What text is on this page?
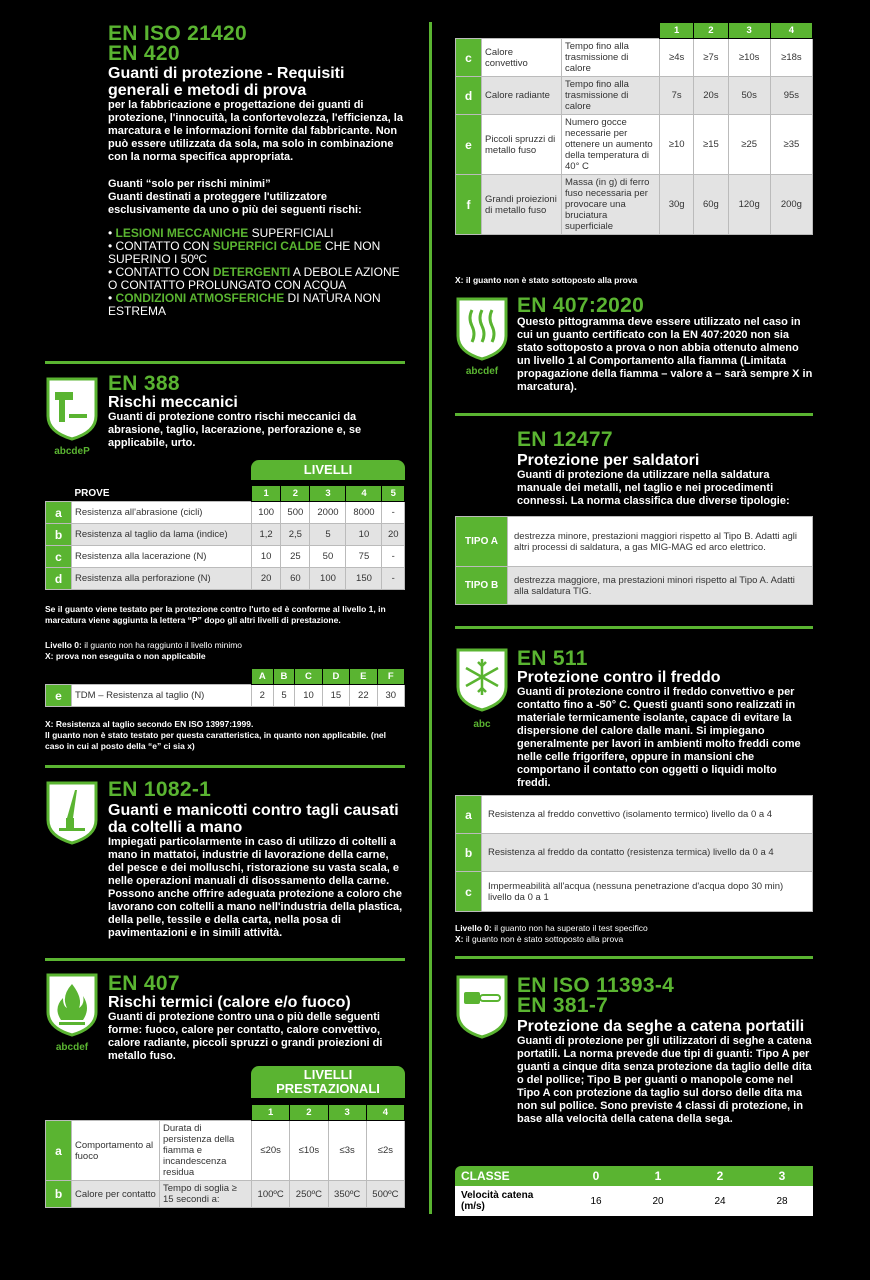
EN ISO 21420
EN 420
Guanti di protezione - Requisiti generali e metodi di prova
per la fabbricazione e progettazione dei guanti di protezione, l'innocuità, la confortevolezza, l'efficienza, la marcatura e le informazioni fornite dal fabbricante. Non può essere utilizzata da sola, ma solo in combinazione con la norma specifica appropriata.
Guanti “solo per rischi minimi”
Guanti destinati a proteggere l'utilizzatore esclusivamente da uno o più dei seguenti rischi:
• LESIONI MECCANICHE SUPERFICIALI
• CONTATTO CON SUPERFICI CALDE CHE NON SUPERINO I 50ºC
• CONTATTO CON DETERGENTI A DEBOLE AZIONE O CONTATTO PROLUNGATO CON ACQUA
• CONDIZIONI ATMOSFERICHE DI NATURA NON ESTREMA
abcdeP
EN 388
Rischi meccanici
Guanti di protezione contro rischi meccanici da abrasione, taglio, lacerazione, perforazione e, se applicabile, urto.
LIVELLI
	PROVE	1	2	3	4	5
a	Resistenza all'abrasione (cicli)	100	500	2000	8000	-
b	Resistenza al taglio da lama (indice)	1,2	2,5	5	10	20
c	Resistenza alla lacerazione (N)	10	25	50	75	-
d	Resistenza alla perforazione (N)	20	60	100	150	-
Se il guanto viene testato per la protezione contro l'urto ed è conforme al livello 1, in marcatura viene aggiunta la lettera “P” dopo gli altri livelli di prestazione.
Livello 0: il guanto non ha raggiunto il livello minimo
X: prova non eseguita o non applicabile
		A	B	C	D	E	F
e	TDM – Resistenza al taglio (N)	2	5	10	15	22	30
X: Resistenza al taglio secondo EN ISO 13997:1999.
Il guanto non è stato testato per questa caratteristica, in quanto non applicabile. (nel caso in cui al posto della “e” ci sia x)
EN 1082-1
Guanti e manicotti contro tagli causati da coltelli a mano
Impiegati particolarmente in caso di utilizzo di coltelli a mano in mattatoi, industrie di lavorazione della carne, del pesce e dei molluschi, ristorazione su vasta scala, e nelle operazioni manuali di disossamento della carne. Possono anche offrire adeguata protezione a coloro che lavorano con coltelli a mano nell'industria della plastica, della pelle, tessile e della carta, nella posa di pavimentazioni e in simili attività.
abcdef
EN 407
Rischi termici (calore e/o fuoco)
Guanti di protezione contro una o più delle seguenti forme: fuoco, calore per contatto, calore convettivo, calore radiante, piccoli spruzzi o grandi proiezioni di metallo fuso.
LIVELLI PRESTAZIONALI
			1	2	3	4
a	Comportamento al fuoco	Durata di persistenza della fiamma e incandescenza residua	≤20s	≤10s	≤3s	≤2s
b	Calore per contatto	Tempo di soglia ≥ 15 secondi a:	100ºC	250ºC	350ºC	500ºC
			1	2	3	4
c	Calore convettivo	Tempo fino alla trasmissione di calore	≥4s	≥7s	≥10s	≥18s
d	Calore radiante	Tempo fino alla trasmissione di calore	7s	20s	50s	95s
e	Piccoli spruzzi di metallo fuso	Numero gocce necessarie per ottenere un aumento della temperatura di 40° C	≥10	≥15	≥25	≥35
f	Grandi proiezioni di metallo fuso	Massa (in g) di ferro fuso necessaria per provocare una bruciatura superficiale	30g	60g	120g	200g
X: il guanto non è stato sottoposto alla prova
abcdef
EN 407:2020
Questo pittogramma deve essere utilizzato nel caso in cui un guanto certificato con la EN 407:2020 non sia stato sottoposto a prova o non abbia ottenuto almeno un livello 1 al Comportamento alla fiamma (Limitata propagazione della fiamma – valore a – sarà sempre X in marcatura).
EN 12477
Protezione per saldatori
Guanti di protezione da utilizzare nella saldatura manuale dei metalli, nel taglio e nei procedimenti connessi. La norma classifica due diverse tipologie:
TIPO A	destrezza minore, prestazioni maggiori rispetto al Tipo B. Adatti agli altri processi di saldatura, a gas MIG-MAG ed arco elettrico.
TIPO B	destrezza maggiore, ma prestazioni minori rispetto al Tipo A. Adatti alla saldatura TIG.
abc
EN 511
Protezione contro il freddo
Guanti di protezione contro il freddo convettivo e per contatto fino a -50° C. Questi guanti sono realizzati in materiale termicamente isolante, capace di evitare la dispersione del calore dalle mani. Si impiegano generalmente per lavori in ambienti molto freddi come nelle celle frigorifere, oppure in mansioni che comportano il contatto con oggetti o liquidi molto freddi.
a	Resistenza al freddo convettivo (isolamento termico) livello da 0 a 4
b	Resistenza al freddo da contatto (resistenza termica) livello da 0 a 4
c	Impermeabilità all'acqua (nessuna penetrazione d'acqua dopo 30 min) livello da 0 a 1
Livello 0: il guanto non ha superato il test specifico
X: il guanto non è stato sottoposto alla prova
EN ISO 11393-4
EN 381-7
Protezione da seghe a catena portatili
Guanti di protezione per gli utilizzatori di seghe a catena portatili. La norma prevede due tipi di guanti: Tipo A per guanti a cinque dita senza protezione da taglio delle dita o del pollice; Tipo B per guanti o manopole come nel Tipo A con protezione da taglio sul dorso delle dita ma non sul pollice. Sono previste 4 classi di protezione, in base alla velocità della catena della sega.
CLASSE	0	1	2	3
Velocità catena (m/s)	16	20	24	28
